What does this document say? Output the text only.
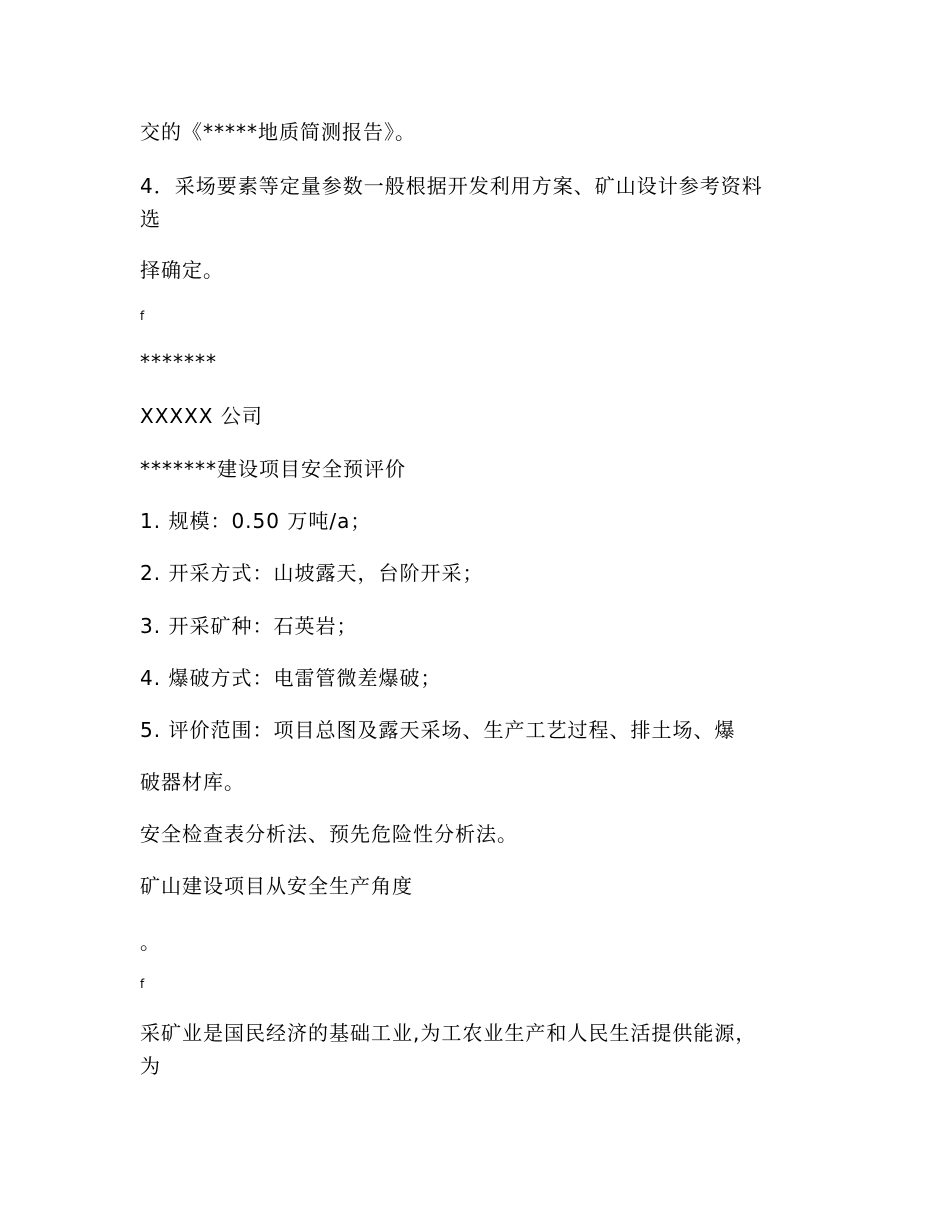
交的《*****地质简测报告》。

4．采场要素等定量参数一般根据开发利用方案、矿山设计参考资料

选

择确定。

f

*******

XXXXX 公司

*******建设项目安全预评价

1. 规模：0.50 万吨/a；

2. 开采方式：山坡露天，台阶开采；

3. 开采矿种：石英岩；

4. 爆破方式：电雷管微差爆破；

5. 评价范围：项目总图及露天采场、生产工艺过程、排土场、爆

破器材库。

安全检查表分析法、预先危险性分析法。

矿山建设项目从安全生产角度

。

f

采矿业是国民经济的基础工业,为工农业生产和人民生活提供能源，

为
